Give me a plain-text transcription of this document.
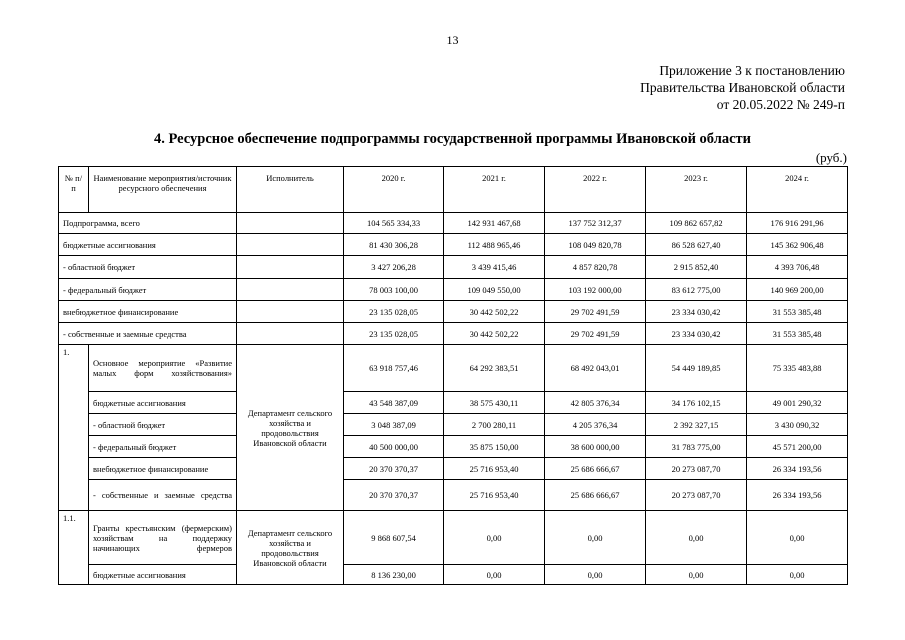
13
Приложение 3 к постановлению
Правительства Ивановской области
от 20.05.2022 № 249-п
4. Ресурсное обеспечение подпрограммы государственной программы Ивановской области
(руб.)
№ п/п	Наименование мероприятия/источник ресурсного обеспечения	Исполнитель	2020 г.	2021 г.	2022 г.	2023 г.	2024 г.
Подпрограмма, всего			104 565 334,33	142 931 467,68	137 752 312,37	109 862 657,82	176 916 291,96
бюджетные ассигнования			81 430 306,28	112 488 965,46	108 049 820,78	86 528 627,40	145 362 906,48
- областной бюджет			3 427 206,28	3 439 415,46	4 857 820,78	2 915 852,40	4 393 706,48
- федеральный бюджет			78 003 100,00	109 049 550,00	103 192 000,00	83 612 775,00	140 969 200,00
внебюджетное финансирование			23 135 028,05	30 442 502,22	29 702 491,59	23 334 030,42	31 553 385,48
- собственные и заемные средства			23 135 028,05	30 442 502,22	29 702 491,59	23 334 030,42	31 553 385,48
1.	Основное мероприятие «Развитие малых форм хозяйствования»	Департамент сельского хозяйства и продовольствия Ивановской области	63 918 757,46	64 292 383,51	68 492 043,01	54 449 189,85	75 335 483,88
	бюджетные ассигнования		43 548 387,09	38 575 430,11	42 805 376,34	34 176 102,15	49 001 290,32
	- областной бюджет		3 048 387,09	2 700 280,11	4 205 376,34	2 392 327,15	3 430 090,32
	- федеральный бюджет		40 500 000,00	35 875 150,00	38 600 000,00	31 783 775,00	45 571 200,00
	внебюджетное финансирование		20 370 370,37	25 716 953,40	25 686 666,67	20 273 087,70	26 334 193,56
	- собственные и заемные средства		20 370 370,37	25 716 953,40	25 686 666,67	20 273 087,70	26 334 193,56
1.1.	Гранты крестьянским (фермерским) хозяйствам на поддержку начинающих фермеров	Департамент сельского хозяйства и продовольствия Ивановской области	9 868 607,54	0,00	0,00	0,00	0,00
	бюджетные ассигнования		8 136 230,00	0,00	0,00	0,00	0,00
